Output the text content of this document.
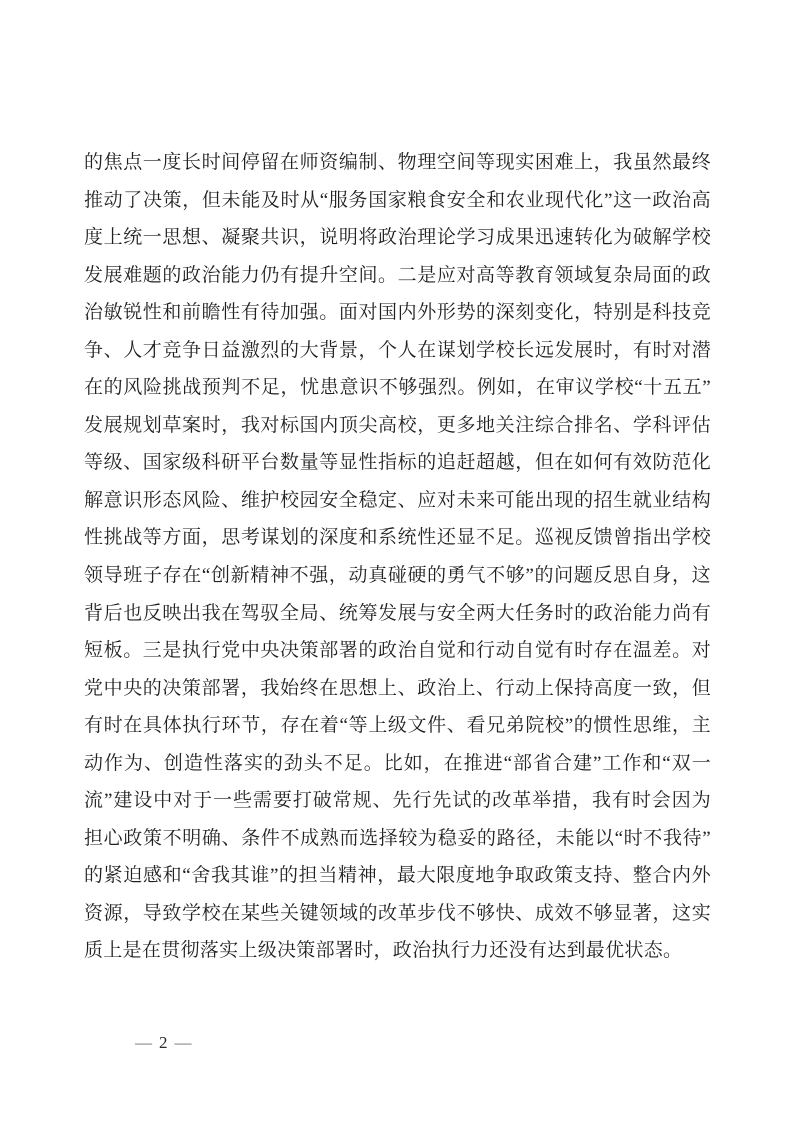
的焦点一度长时间停留在师资编制、物理空间等现实困难上，我虽然最终
推动了决策，但未能及时从“服务国家粮食安全和农业现代化”这一政治高
度上统一思想、凝聚共识，说明将政治理论学习成果迅速转化为破解学校
发展难题的政治能力仍有提升空间。二是应对高等教育领域复杂局面的政
治敏锐性和前瞻性有待加强。面对国内外形势的深刻变化，特别是科技竞
争、人才竞争日益激烈的大背景，个人在谋划学校长远发展时，有时对潜
在的风险挑战预判不足，忧患意识不够强烈。例如，在审议学校“十五五”
发展规划草案时，我对标国内顶尖高校，更多地关注综合排名、学科评估
等级、国家级科研平台数量等显性指标的追赶超越，但在如何有效防范化
解意识形态风险、维护校园安全稳定、应对未来可能出现的招生就业结构
性挑战等方面，思考谋划的深度和系统性还显不足。巡视反馈曾指出学校
领导班子存在“创新精神不强，动真碰硬的勇气不够”的问题反思自身，这
背后也反映出我在驾驭全局、统筹发展与安全两大任务时的政治能力尚有
短板。三是执行党中央决策部署的政治自觉和行动自觉有时存在温差。对
党中央的决策部署，我始终在思想上、政治上、行动上保持高度一致，但
有时在具体执行环节，存在着“等上级文件、看兄弟院校”的惯性思维，主
动作为、创造性落实的劲头不足。比如，在推进“部省合建”工作和“双一
流”建设中对于一些需要打破常规、先行先试的改革举措，我有时会因为
担心政策不明确、条件不成熟而选择较为稳妥的路径，未能以“时不我待”
的紧迫感和“舍我其谁”的担当精神，最大限度地争取政策支持、整合内外
资源，导致学校在某些关键领域的改革步伐不够快、成效不够显著，这实
质上是在贯彻落实上级决策部署时，政治执行力还没有达到最优状态。
— 2 —
